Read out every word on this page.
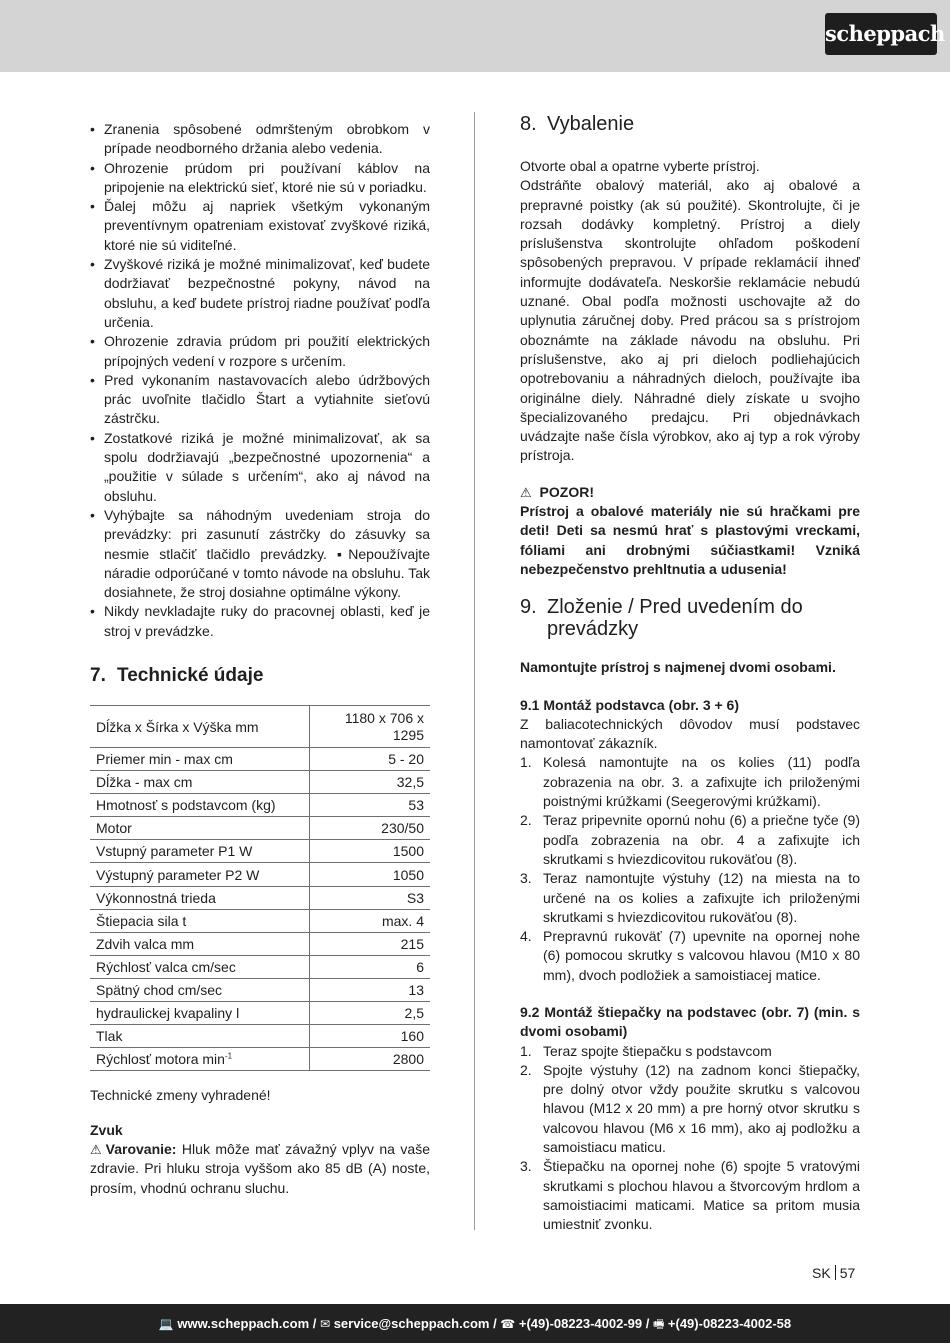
scheppach
• Zranenia spôsobené odmršteným obrobkom v prípade neodborného držania alebo vedenia.
• Ohrozenie prúdom pri používaní káblov na pripojenie na elektrickú sieť, ktoré nie sú v poriadku.
• Ďalej môžu aj napriek všetkým vykonaným preventívnym opatreniam existovať zvyškové riziká, ktoré nie sú viditeľné.
• Zvyškové riziká je možné minimalizovať, keď budete dodržiavať bezpečnostné pokyny, návod na obsluhu, a keď budete prístroj riadne používať podľa určenia.
• Ohrozenie zdravia prúdom pri použití elektrických prípojných vedení v rozpore s určením.
• Pred vykonaním nastavovacích alebo údržbových prác uvoľnite tlačidlo Štart a vytiahnite sieťovú zástrčku.
• Zostatkové riziká je možné minimalizovať, ak sa spolu dodržiavajú „bezpečnostné upozornenia“ a „použitie v súlade s určením“, ako aj návod na obsluhu.
• Vyhýbajte sa náhodným uvedeniam stroja do prevádzky: pri zasunutí zástrčky do zásuvky sa nesmie stlačiť tlačidlo prevádzky. ▪Nepoužívajte náradie odporúčané v tomto návode na obsluhu. Tak dosiahnete, že stroj dosiahne optimálne výkony.
• Nikdy nevkladajte ruky do pracovnej oblasti, keď je stroj v prevádzke.
7. Technické údaje
Dĺžka x Šírka x Výška mm	1180 x 706 x 1295
Priemer min - max cm	5 - 20
Dĺžka - max cm	32,5
Hmotnosť s podstavcom (kg)	53
Motor	230/50
Vstupný parameter P1 W	1500
Výstupný parameter P2 W	1050
Výkonnostná trieda	S3
Štiepacia sila t	max. 4
Zdvih valca mm	215
Rýchlosť valca cm/sec	6
Spätný chod cm/sec	13
hydraulickej kvapaliny l	2,5
Tlak	160
Rýchlosť motora $\min^{-1}$	2800

Technické zmeny vyhradené!

Zvuk

⚠ Varovanie: Hluk môže mať závažný vplyv na vaše zdravie. Pri hluku stroja vyššom ako 85 dB (A) noste, prosím, vhodnú ochranu sluchu.

8. Vybalenie

Otvorte obal a opatrne vyberte prístroj.
Odstráňte obalový materiál, ako aj obalové a prepravné poistky (ak sú použité). Skontrolujte, či je rozsah dodávky kompletný. Prístroj a diely príslušenstva skontrolujte ohľadom poškodení spôsobených prepravou. V prípade reklamácií ihneď informujte dodávateľa. Neskoršie reklamácie nebudú uznané. Obal podľa možnosti uschovajte až do uplynutia záručnej doby. Pred prácou sa s prístrojom oboznámte na základe návodu na obsluhu. Pri príslušenstve, ako aj pri dieloch podliehajúcich opotrebovaniu a náhradných dieloch, používajte iba originálne diely. Náhradné diely získate u svojho špecializovaného predajcu. Pri objednávkach uvádzajte naše čísla výrobkov, ako aj typ a rok výroby prístroja.

⚠ POZOR!

Prístroj a obalové materiály nie sú hračkami pre deti! Deti sa nesmú hrať s plastovými vreckami, fóliami ani drobnými súčiastkami! Vzniká nebezpečenstvo prehltnutia a udusenia!

9. Zloženie / Pred uvedením do prevádzky

Namontujte prístroj s najmenej dvomi osobami.

9.1 Montáž podstavca (obr. 3 + 6)

Z baliacotechnických dôvodov musí podstavec namontovať zákazník.

1. Kolesá namontujte na os kolies (11) podľa zobrazenia na obr. 3. a zafixujte ich priloženými poistnými krúžkami (Seegerovými krúžkami).
2. Teraz pripevnite opornú nohu (6) a priečne tyče (9) podľa zobrazenia na obr. 4 a zafixujte ich skrutkami s hviezdicovitou rukoväťou (8).
3. Teraz namontujte výstuhy (12) na miesta na to určené na os kolies a zafixujte ich priloženými skrutkami s hviezdicovitou rukoväťou (8).
4. Prepravnú rukoväť (7) upevnite na opornej nohe (6) pomocou skrutky s valcovou hlavou (M10 x 80 mm), dvoch podložiek a samoistiacej matice.

9.2 Montáž štiepačky na podstavec (obr. 7) (min. s dvomi osobami)

1. Teraz spojte štiepačku s podstavcom
2. Spojte výstuhy (12) na zadnom konci štiepačky, pre dolný otvor vždy použite skrutku s valcovou hlavou (M12 x 20 mm) a pre horný otvor skrutku s valcovou hlavou (M6 x 16 mm), ako aj podložku a samoistiacu maticu.
3. Štiepačku na opornej nohe (6) spojte 5 vratovými skrutkami s plochou hlavou a štvorcovým hrdlom a samoistiacimi maticami. Matice sa pritom musia umiestniť zvonku.
SK 57
💻 www.scheppach.com / ✉ service@scheppach.com / ☎ +(49)-08223-4002-99 / 🖷 +(49)-08223-4002-58
